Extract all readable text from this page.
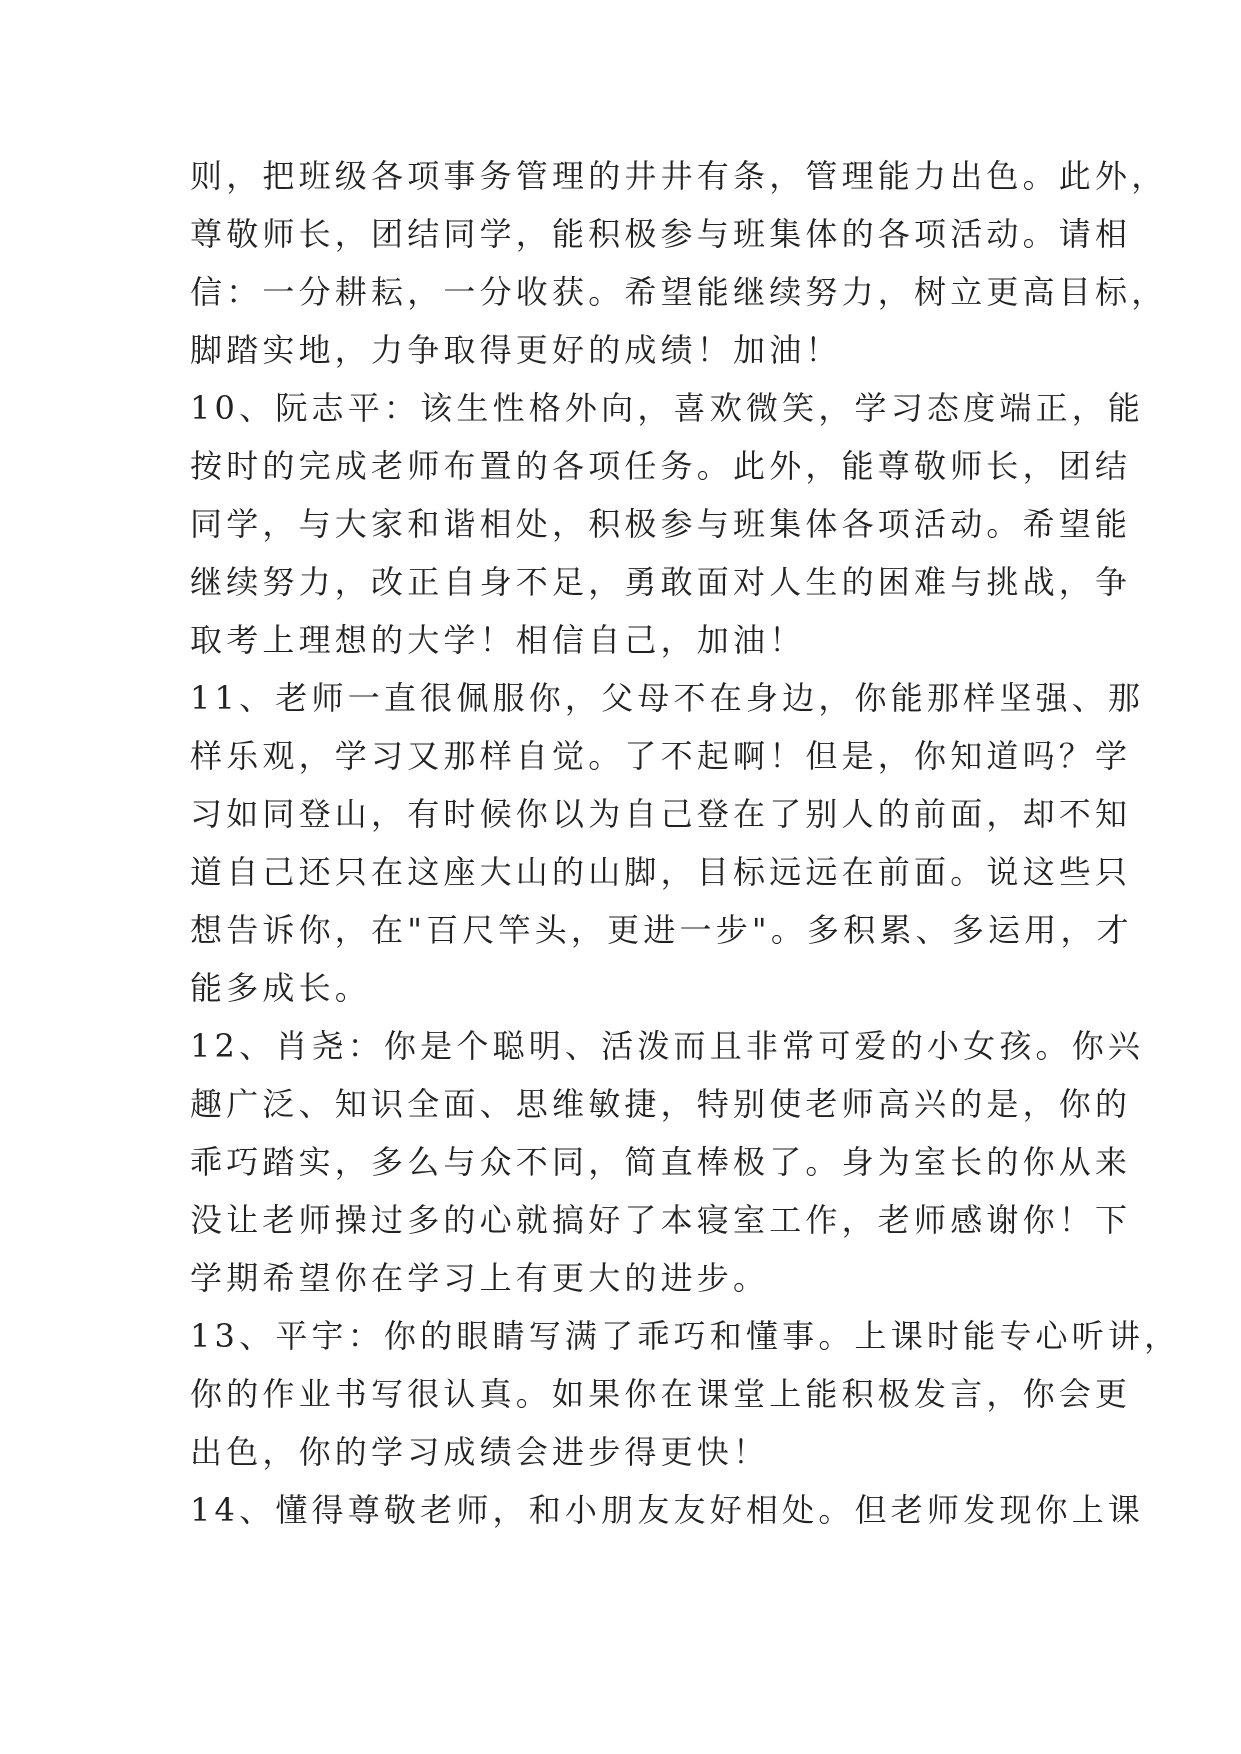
则，把班级各项事务管理的井井有条，管理能力出色。此外，
尊敬师长，团结同学，能积极参与班集体的各项活动。请相
信：一分耕耘，一分收获。希望能继续努力，树立更高目标，
脚踏实地，力争取得更好的成绩！加油！
10、阮志平：该生性格外向，喜欢微笑，学习态度端正，能
按时的完成老师布置的各项任务。此外，能尊敬师长，团结
同学，与大家和谐相处，积极参与班集体各项活动。希望能
继续努力，改正自身不足，勇敢面对人生的困难与挑战，争
取考上理想的大学！相信自己，加油！
11、老师一直很佩服你，父母不在身边，你能那样坚强、那
样乐观，学习又那样自觉。了不起啊！但是，你知道吗？学
习如同登山，有时候你以为自己登在了别人的前面，却不知
道自己还只在这座大山的山脚，目标远远在前面。说这些只
想告诉你，在"百尺竿头，更进一步"。多积累、多运用，才
能多成长。
12、肖尧：你是个聪明、活泼而且非常可爱的小女孩。你兴
趣广泛、知识全面、思维敏捷，特别使老师高兴的是，你的
乖巧踏实，多么与众不同，简直棒极了。身为室长的你从来
没让老师操过多的心就搞好了本寝室工作，老师感谢你！下
学期希望你在学习上有更大的进步。
13、平宇：你的眼睛写满了乖巧和懂事。上课时能专心听讲，
你的作业书写很认真。如果你在课堂上能积极发言，你会更
出色，你的学习成绩会进步得更快！
14、懂得尊敬老师，和小朋友友好相处。但老师发现你上课
